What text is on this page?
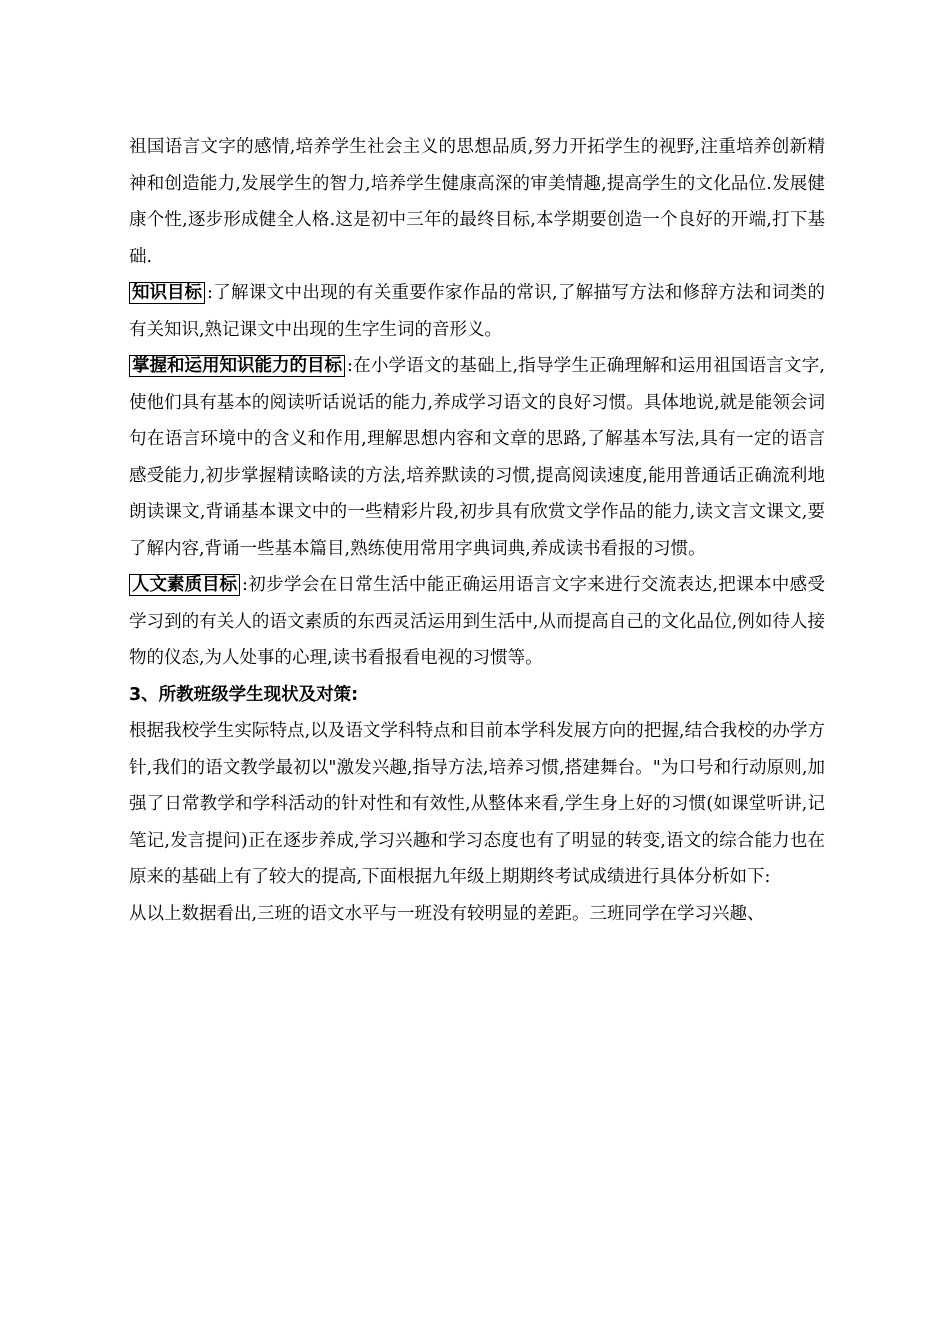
祖国语言文字的感情,培养学生社会主义的思想品质,努力开拓学生的视野,注重培养创新精神和创造能力,发展学生的智力,培养学生健康高深的审美情趣,提高学生的文化品位.发展健康个性,逐步形成健全人格.这是初中三年的最终目标,本学期要创造一个良好的开端,打下基础.

知识目标 :了解课文中出现的有关重要作家作品的常识,了解描写方法和修辞方法和词类的有关知识,熟记课文中出现的生字生词的音形义。

掌握和运用知识能力的目标 :在小学语文的基础上,指导学生正确理解和运用祖国语言文字,使他们具有基本的阅读听话说话的能力,养成学习语文的良好习惯。具体地说,就是能领会词句在语言环境中的含义和作用,理解思想内容和文章的思路,了解基本写法,具有一定的语言感受能力,初步掌握精读略读的方法,培养默读的习惯,提高阅读速度,能用普通话正确流利地朗读课文,背诵基本课文中的一些精彩片段,初步具有欣赏文学作品的能力,读文言文课文,要了解内容,背诵一些基本篇目,熟练使用常用字典词典,养成读书看报的习惯。

人文素质目标 :初步学会在日常生活中能正确运用语言文字来进行交流表达,把课本中感受学习到的有关人的语文素质的东西灵活运用到生活中,从而提高自己的文化品位,例如待人接物的仪态,为人处事的心理,读书看报看电视的习惯等。

3、所教班级学生现状及对策:

根据我校学生实际特点,以及语文学科特点和目前本学科发展方向的把握,结合我校的办学方针,我们的语文教学最初以"激发兴趣,指导方法,培养习惯,搭建舞台。"为口号和行动原则,加强了日常教学和学科活动的针对性和有效性,从整体来看,学生身上好的习惯(如课堂听讲,记笔记,发言提问)正在逐步养成,学习兴趣和学习态度也有了明显的转变,语文的综合能力也在原来的基础上有了较大的提高,下面根据九年级上期期终考试成绩进行具体分析如下:

从以上数据看出,三班的语文水平与一班没有较明显的差距。三班同学在学习兴趣、
